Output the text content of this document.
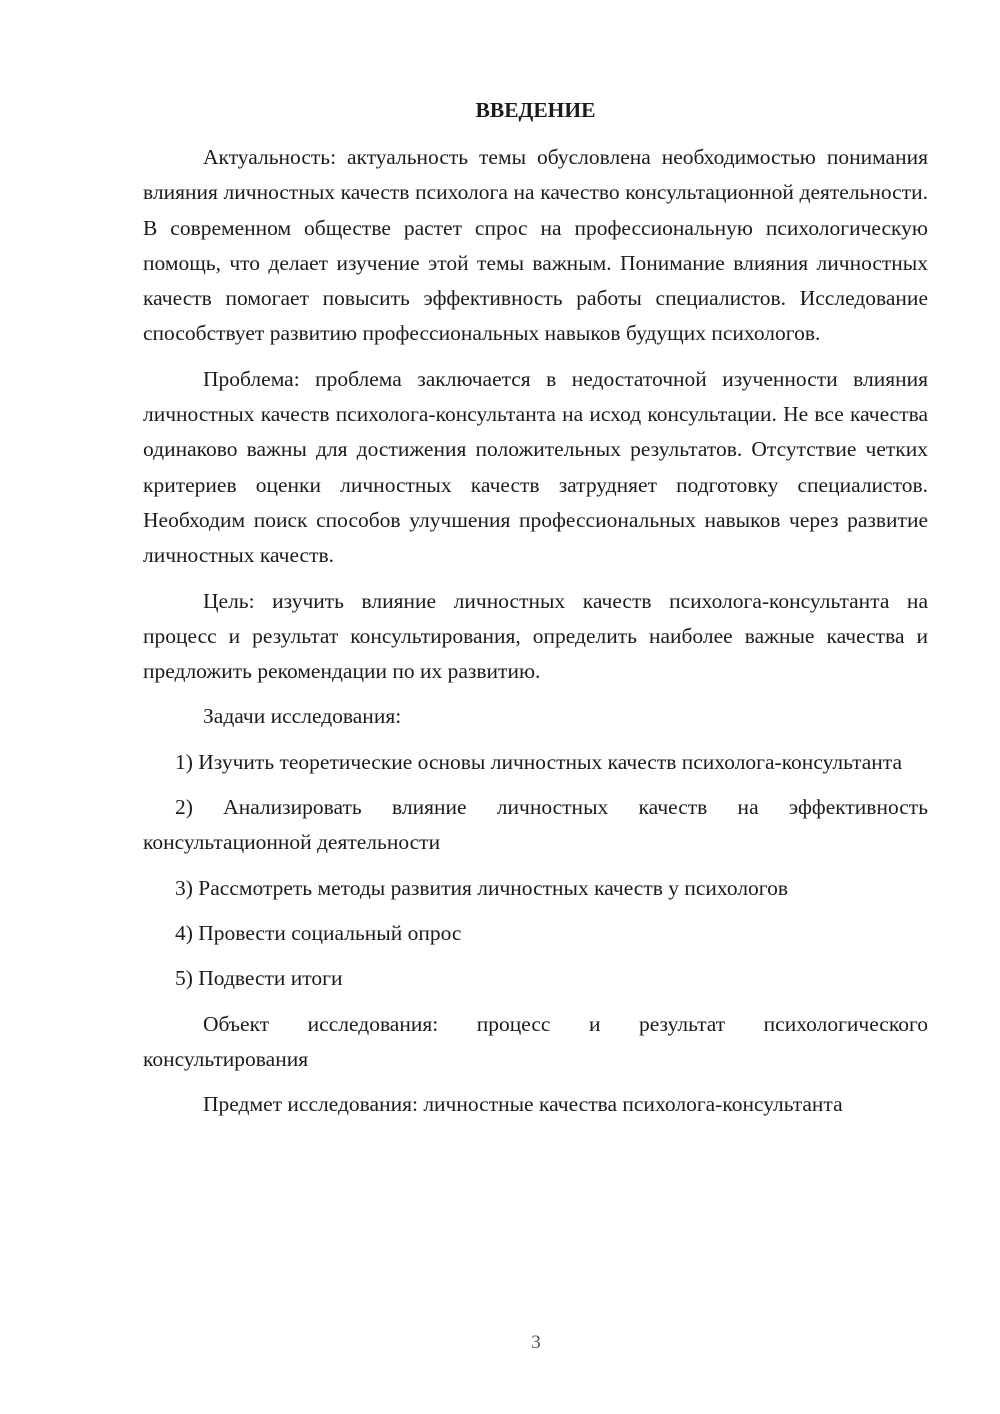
ВВЕДЕНИЕ

Актуальность: актуальность темы обусловлена необходимостью понимания влияния личностных качеств психолога на качество консультационной деятельности. В современном обществе растет спрос на профессиональную психологическую помощь, что делает изучение этой темы важным. Понимание влияния личностных качеств помогает повысить эффективность работы специалистов. Исследование способствует развитию профессиональных навыков будущих психологов.

Проблема: проблема заключается в недостаточной изученности влияния личностных качеств психолога-консультанта на исход консультации. Не все качества одинаково важны для достижения положительных результатов. Отсутствие четких критериев оценки личностных качеств затрудняет подготовку специалистов. Необходим поиск способов улучшения профессиональных навыков через развитие личностных качеств.

Цель: изучить влияние личностных качеств психолога-консультанта на процесс и результат консультирования, определить наиболее важные качества и предложить рекомендации по их развитию.

Задачи исследования:

1) Изучить теоретические основы личностных качеств психолога-консультанта

2) Анализировать влияние личностных качеств на эффективность консультационной деятельности

3) Рассмотреть методы развития личностных качеств у психологов

4) Провести социальный опрос

5) Подвести итоги

Объект исследования: процесс и результат психологического консультирования

Предмет исследования: личностные качества психолога-консультанта

3
